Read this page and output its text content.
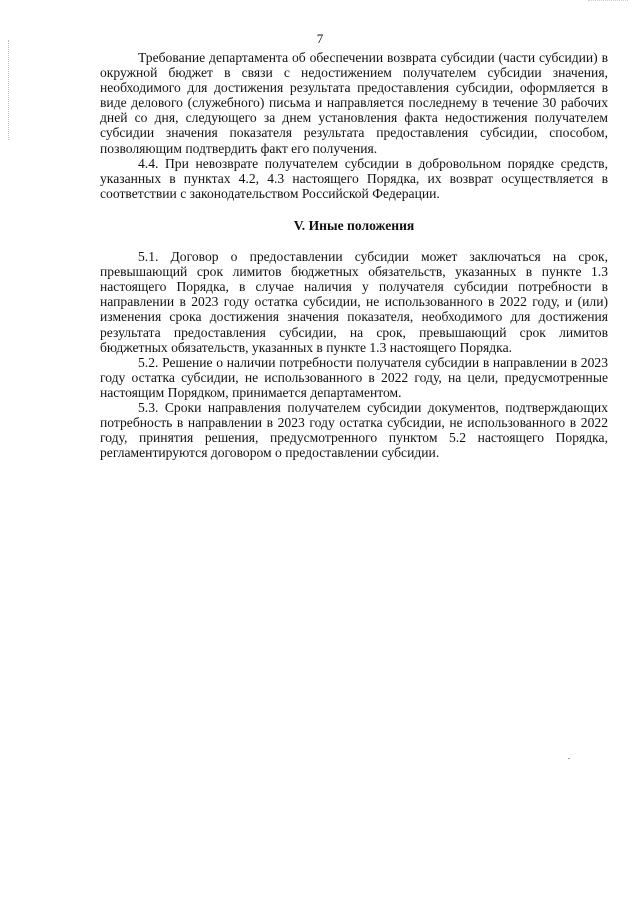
7

Требование департамента об обеспечении возврата субсидии (части субсидии) в окружной бюджет в связи с недостижением получателем субсидии значения, необходимого для достижения результата предоставления субсидии, оформляется в виде делового (служебного) письма и направляется последнему в течение 30 рабочих дней со дня, следующего за днем установления факта недостижения получателем субсидии значения показателя результата предоставления субсидии, способом, позволяющим подтвердить факт его получения.

4.4. При невозврате получателем субсидии в добровольном порядке средств, указанных в пунктах 4.2, 4.3 настоящего Порядка, их возврат осуществляется в соответствии с законодательством Российской Федерации.

V. Иные положения

5.1. Договор о предоставлении субсидии может заключаться на срок, превышающий срок лимитов бюджетных обязательств, указанных в пункте 1.3 настоящего Порядка, в случае наличия у получателя субсидии потребности в направлении в 2023 году остатка субсидии, не использованного в 2022 году, и (или) изменения срока достижения значения показателя, необходимого для достижения результата предоставления субсидии, на срок, превышающий срок лимитов бюджетных обязательств, указанных в пункте 1.3 настоящего Порядка.

5.2. Решение о наличии потребности получателя субсидии в направлении в 2023 году остатка субсидии, не использованного в 2022 году, на цели, предусмотренные настоящим Порядком, принимается департаментом.

5.3. Сроки направления получателем субсидии документов, подтверждающих потребность в направлении в 2023 году остатка субсидии, не использованного в 2022 году, принятия решения, предусмотренного пунктом 5.2 настоящего Порядка, регламентируются договором о предоставлении субсидии.
